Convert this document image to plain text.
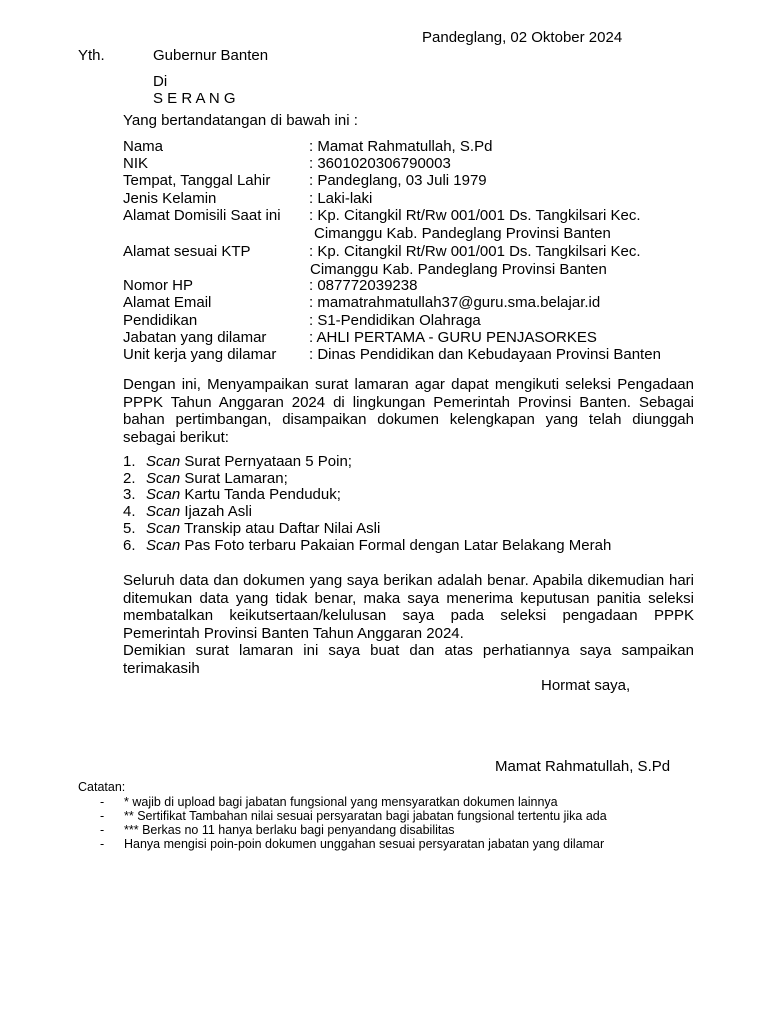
Pandeglang, 02 Oktober 2024
Yth.	Gubernur Banten
Di
S E R A N G
Yang bertandatangan di bawah ini :
Nama	: Mamat Rahmatullah, S.Pd
NIK	: 3601020306790003
Tempat, Tanggal Lahir	: Pandeglang, 03 Juli 1979
Jenis Kelamin	: Laki-laki
Alamat Domisili Saat ini : Kp. Citangkil Rt/Rw 001/001 Ds. Tangkilsari Kec.
Cimanggu Kab. Pandeglang Provinsi Banten
Alamat sesuai KTP	: Kp. Citangkil Rt/Rw 001/001 Ds. Tangkilsari Kec.
Cimanggu Kab. Pandeglang Provinsi Banten
Nomor HP	: 087772039238
Alamat Email	: mamatrahmatullah37@guru.sma.belajar.id
Pendidikan	: S1-Pendidikan Olahraga
Jabatan yang dilamar	: AHLI PERTAMA - GURU PENJASORKES
Unit kerja yang dilamar : Dinas Pendidikan dan Kebudayaan Provinsi Banten
Dengan ini, Menyampaikan surat lamaran agar dapat mengikuti seleksi Pengadaan PPPK Tahun Anggaran 2024 di lingkungan Pemerintah Provinsi Banten. Sebagai bahan pertimbangan, disampaikan dokumen kelengkapan yang telah diunggah sebagai berikut:
1. Scan Surat Pernyataan 5 Poin;
2. Scan Surat Lamaran;
3. Scan Kartu Tanda Penduduk;
4. Scan Ijazah Asli
5. Scan Transkip atau Daftar Nilai Asli
6. Scan Pas Foto terbaru Pakaian Formal dengan Latar Belakang Merah
Seluruh data dan dokumen yang saya berikan adalah benar. Apabila dikemudian hari ditemukan data yang tidak benar, maka saya menerima keputusan panitia seleksi membatalkan keikutsertaan/kelulusan saya pada seleksi pengadaan PPPK Pemerintah Provinsi Banten Tahun Anggaran 2024.
Demikian surat lamaran ini saya buat dan atas perhatiannya saya sampaikan terimakasih
Hormat saya,
Mamat Rahmatullah, S.Pd
Catatan:
- * wajib di upload bagi jabatan fungsional yang mensyaratkan dokumen lainnya
- ** Sertifikat Tambahan nilai sesuai persyaratan bagi jabatan fungsional tertentu jika ada
- *** Berkas no 11 hanya berlaku bagi penyandang disabilitas
- Hanya mengisi poin-poin dokumen unggahan sesuai persyaratan jabatan yang dilamar
